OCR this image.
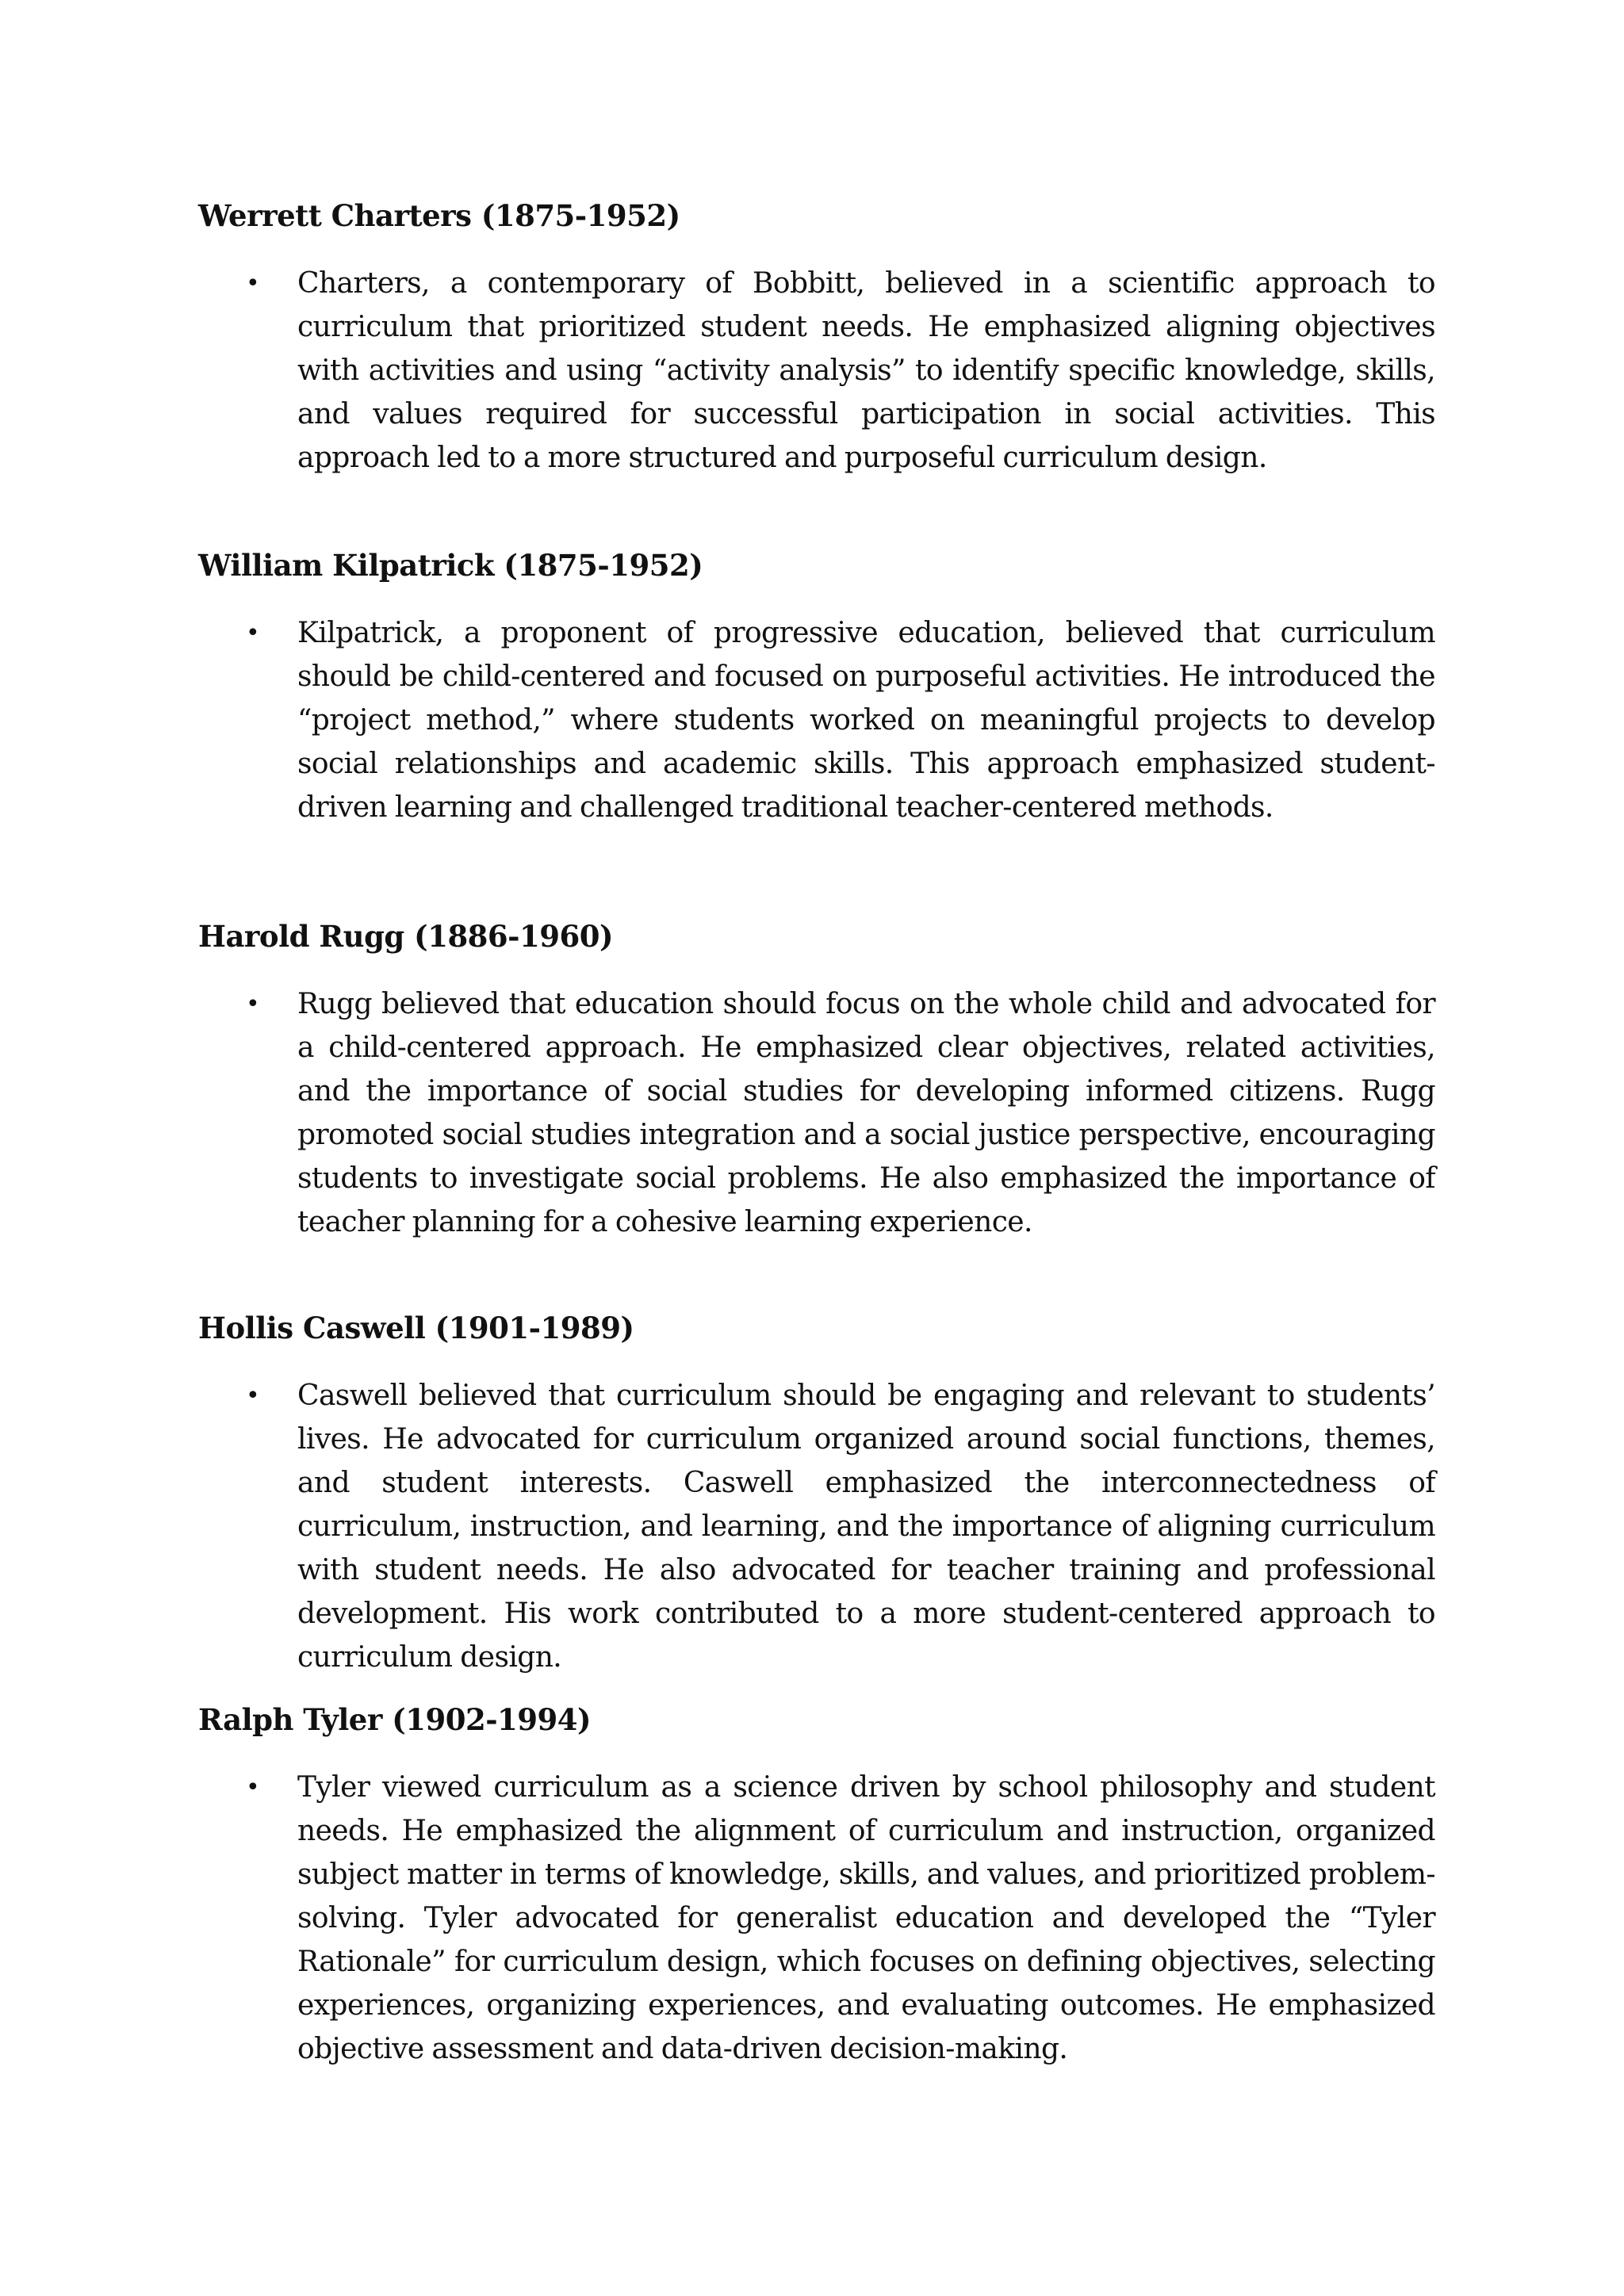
Werrett Charters (1875-1952)

• Charters, a contemporary of Bobbitt, believed in a scientific approach to curriculum that prioritized student needs. He emphasized aligning objectives with activities and using “activity analysis” to identify specific knowledge, skills, and values required for successful participation in social activities. This approach led to a more structured and purposeful curriculum design.

William Kilpatrick (1875-1952)

• Kilpatrick, a proponent of progressive education, believed that curriculum should be child-centered and focused on purposeful activities. He introduced the “project method,” where students worked on meaningful projects to develop social relationships and academic skills. This approach emphasized student-driven learning and challenged traditional teacher-centered methods.

Harold Rugg (1886-1960)

• Rugg believed that education should focus on the whole child and advocated for a child-centered approach. He emphasized clear objectives, related activities, and the importance of social studies for developing informed citizens. Rugg promoted social studies integration and a social justice perspective, encouraging students to investigate social problems. He also emphasized the importance of teacher planning for a cohesive learning experience.

Hollis Caswell (1901-1989)

• Caswell believed that curriculum should be engaging and relevant to students’ lives. He advocated for curriculum organized around social functions, themes, and student interests. Caswell emphasized the interconnectedness of curriculum, instruction, and learning, and the importance of aligning curriculum with student needs. He also advocated for teacher training and professional development. His work contributed to a more student-centered approach to curriculum design.

Ralph Tyler (1902-1994)

• Tyler viewed curriculum as a science driven by school philosophy and student needs. He emphasized the alignment of curriculum and instruction, organized subject matter in terms of knowledge, skills, and values, and prioritized problem-solving. Tyler advocated for generalist education and developed the “Tyler Rationale” for curriculum design, which focuses on defining objectives, selecting experiences, organizing experiences, and evaluating outcomes. He emphasized objective assessment and data-driven decision-making.
